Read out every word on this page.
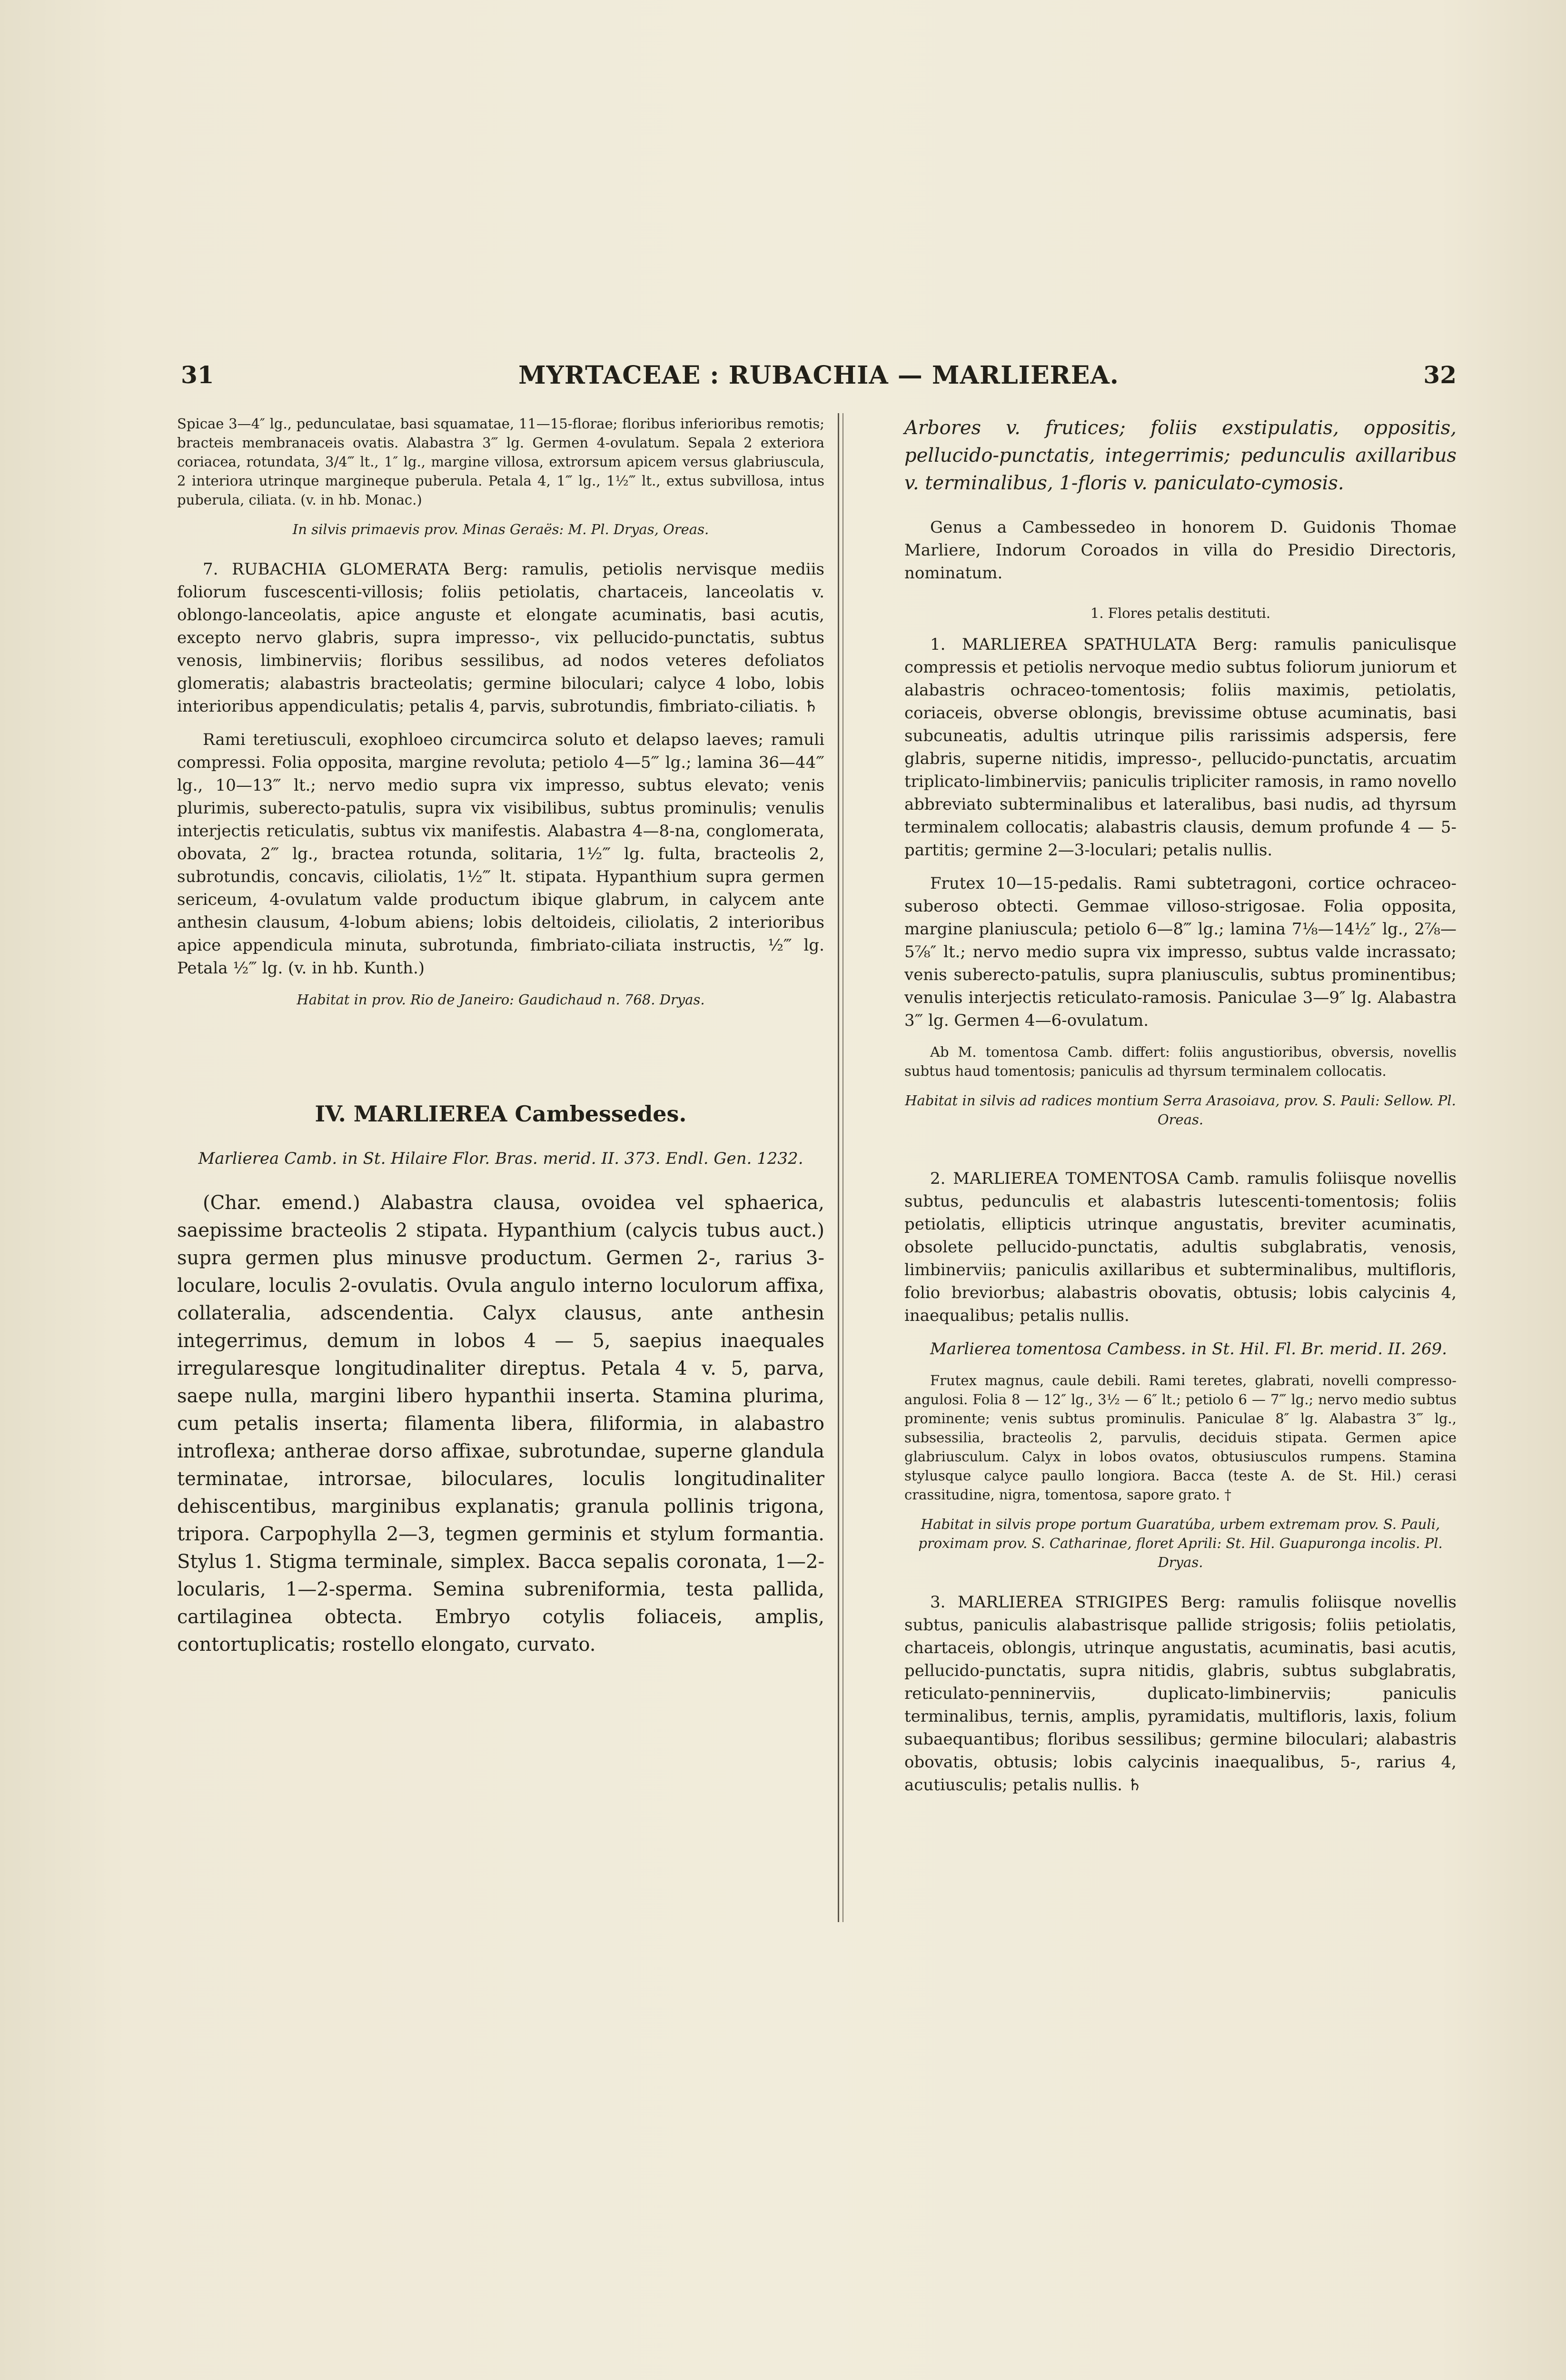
31	MYRTACEAE : RUBACHIA — MARLIEREA.	32

Spicae 3—4″ lg., pedunculatae, basi squamatae, 11—15-florae; floribus inferioribus remotis; bracteis membranaceis ovatis. Alabastra 3‴ lg. Germen 4-ovulatum. Sepala 2 exteriora coriacea, rotundata, 3/4‴ lt., 1″ lg., margine villosa, extrorsum apicem versus glabriuscula, 2 interiora utrinque margineque puberula. Petala 4, 1‴ lg., 1½‴ lt., extus subvillosa, intus puberula, ciliata. (v. in hb. Monac.)

In silvis primaevis prov. Minas Geraës: M. Pl. Dryas, Oreas.

7. RUBACHIA GLOMERATA Berg: ramulis, petiolis nervisque mediis foliorum fuscescenti-villosis; foliis petiolatis, chartaceis, lanceolatis v. oblongo-lanceolatis, apice anguste et elongate acuminatis, basi acutis, excepto nervo glabris, supra impresso-, vix pellucido-punctatis, subtus venosis, limbinerviis; floribus sessilibus, ad nodos veteres defoliatos glomeratis; alabastris bracteolatis; germine biloculari; calyce 4 lobo, lobis interioribus appendiculatis; petalis 4, parvis, subrotundis, fimbriato-ciliatis. ♄

Rami teretiusculi, exophloeo circumcirca soluto et delapso laeves; ramuli compressi. Folia opposita, margine revoluta; petiolo 4—5‴ lg.; lamina 36—44‴ lg., 10—13‴ lt.; nervo medio supra vix impresso, subtus elevato; venis plurimis, suberecto-patulis, supra vix visibilibus, subtus prominulis; venulis interjectis reticulatis, subtus vix manifestis. Alabastra 4—8-na, conglomerata, obovata, 2‴ lg., bractea rotunda, solitaria, 1½‴ lg. fulta, bracteolis 2, subrotundis, concavis, ciliolatis, 1½‴ lt. stipata. Hypanthium supra germen sericeum, 4-ovulatum valde productum ibique glabrum, in calycem ante anthesin clausum, 4-lobum abiens; lobis deltoideis, ciliolatis, 2 interioribus apice appendicula minuta, subrotunda, fimbriato-ciliata instructis, ½‴ lg. Petala ½‴ lg. (v. in hb. Kunth.)

Habitat in prov. Rio de Janeiro: Gaudichaud n. 768. Dryas.

IV. MARLIEREA Cambessedes.

Marlierea Camb. in St. Hilaire Flor. Bras. merid. II. 373. Endl. Gen. 1232.

(Char. emend.) Alabastra clausa, ovoidea vel sphaerica, saepissime bracteolis 2 stipata. Hypanthium (calycis tubus auct.) supra germen plus minusve productum. Germen 2-, rarius 3-loculare, loculis 2-ovulatis. Ovula angulo interno loculorum affixa, collateralia, adscendentia. Calyx clausus, ante anthesin integerrimus, demum in lobos 4 — 5, saepius inaequales irregularesque longitudinaliter direptus. Petala 4 v. 5, parva, saepe nulla, margini libero hypanthii inserta. Stamina plurima, cum petalis inserta; filamenta libera, filiformia, in alabastro introflexa; antherae dorso affixae, subrotundae, superne glandula terminatae, introrsae, biloculares, loculis longitudinaliter dehiscentibus, marginibus explanatis; granula pollinis trigona, tripora. Carpophylla 2—3, tegmen germinis et stylum formantia. Stylus 1. Stigma terminale, simplex. Bacca sepalis coronata, 1—2-locularis, 1—2-sperma. Semina subreniformia, testa pallida, cartilaginea obtecta. Embryo cotylis foliaceis, amplis, contortuplicatis; rostello elongato, curvato.

Arbores v. frutices; foliis exstipulatis, oppositis, pellucido-punctatis, integerrimis; pedunculis axillaribus v. terminalibus, 1-floris v. paniculato-cymosis.

Genus a Cambessedeo in honorem D. Guidonis Thomae Marliere, Indorum Coroados in villa do Presidio Directoris, nominatum.

1. Flores petalis destituti.

1. MARLIEREA SPATHULATA Berg: ramulis paniculisque compressis et petiolis nervoque medio subtus foliorum juniorum et alabastris ochraceo-tomentosis; foliis maximis, petiolatis, coriaceis, obverse oblongis, brevissime obtuse acuminatis, basi subcuneatis, adultis utrinque pilis rarissimis adspersis, fere glabris, superne nitidis, impresso-, pellucido-punctatis, arcuatim triplicato-limbinerviis; paniculis tripliciter ramosis, in ramo novello abbreviato subterminalibus et lateralibus, basi nudis, ad thyrsum terminalem collocatis; alabastris clausis, demum profunde 4 — 5-partitis; germine 2—3-loculari; petalis nullis.

Frutex 10—15-pedalis. Rami subtetragoni, cortice ochraceo-suberoso obtecti. Gemmae villoso-strigosae. Folia opposita, margine planiuscula; petiolo 6—8‴ lg.; lamina 7⅛—14½″ lg., 2⅞—5⅞″ lt.; nervo medio supra vix impresso, subtus valde incrassato; venis suberecto-patulis, supra planiusculis, subtus prominentibus; venulis interjectis reticulato-ramosis. Paniculae 3—9″ lg. Alabastra 3‴ lg. Germen 4—6-ovulatum.

Ab M. tomentosa Camb. differt: foliis angustioribus, obversis, novellis subtus haud tomentosis; paniculis ad thyrsum terminalem collocatis.

Habitat in silvis ad radices montium Serra Arasoiava, prov. S. Pauli: Sellow. Pl. Oreas.

2. MARLIEREA TOMENTOSA Camb. ramulis foliisque novellis subtus, pedunculis et alabastris lutescenti-tomentosis; foliis petiolatis, ellipticis utrinque angustatis, breviter acuminatis, obsolete pellucido-punctatis, adultis subglabratis, venosis, limbinerviis; paniculis axillaribus et subterminalibus, multifloris, folio breviorbus; alabastris obovatis, obtusis; lobis calycinis 4, inaequalibus; petalis nullis.

Marlierea tomentosa Cambess. in St. Hil. Fl. Br. merid. II. 269.

Frutex magnus, caule debili. Rami teretes, glabrati, novelli compresso-angulosi. Folia 8 — 12″ lg., 3½ — 6″ lt.; petiolo 6 — 7‴ lg.; nervo medio subtus prominente; venis subtus prominulis. Paniculae 8″ lg. Alabastra 3‴ lg., subsessilia, bracteolis 2, parvulis, deciduis stipata. Germen apice glabriusculum. Calyx in lobos ovatos, obtusiusculos rumpens. Stamina stylusque calyce paullo longiora. Bacca (teste A. de St. Hil.) cerasi crassitudine, nigra, tomentosa, sapore grato. †

Habitat in silvis prope portum Guaratúba, urbem extremam prov. S. Pauli, proximam prov. S. Catharinae, floret Aprili: St. Hil. Guapuronga incolis. Pl. Dryas.

3. MARLIEREA STRIGIPES Berg: ramulis foliisque novellis subtus, paniculis alabastrisque pallide strigosis; foliis petiolatis, chartaceis, oblongis, utrinque angustatis, acuminatis, basi acutis, pellucido-punctatis, supra nitidis, glabris, subtus subglabratis, reticulato-penninerviis, duplicato-limbinerviis; paniculis terminalibus, ternis, amplis, pyramidatis, multifloris, laxis, folium subaequantibus; floribus sessilibus; germine biloculari; alabastris obovatis, obtusis; lobis calycinis inaequalibus, 5-, rarius 4, acutiusculis; petalis nullis. ♄
